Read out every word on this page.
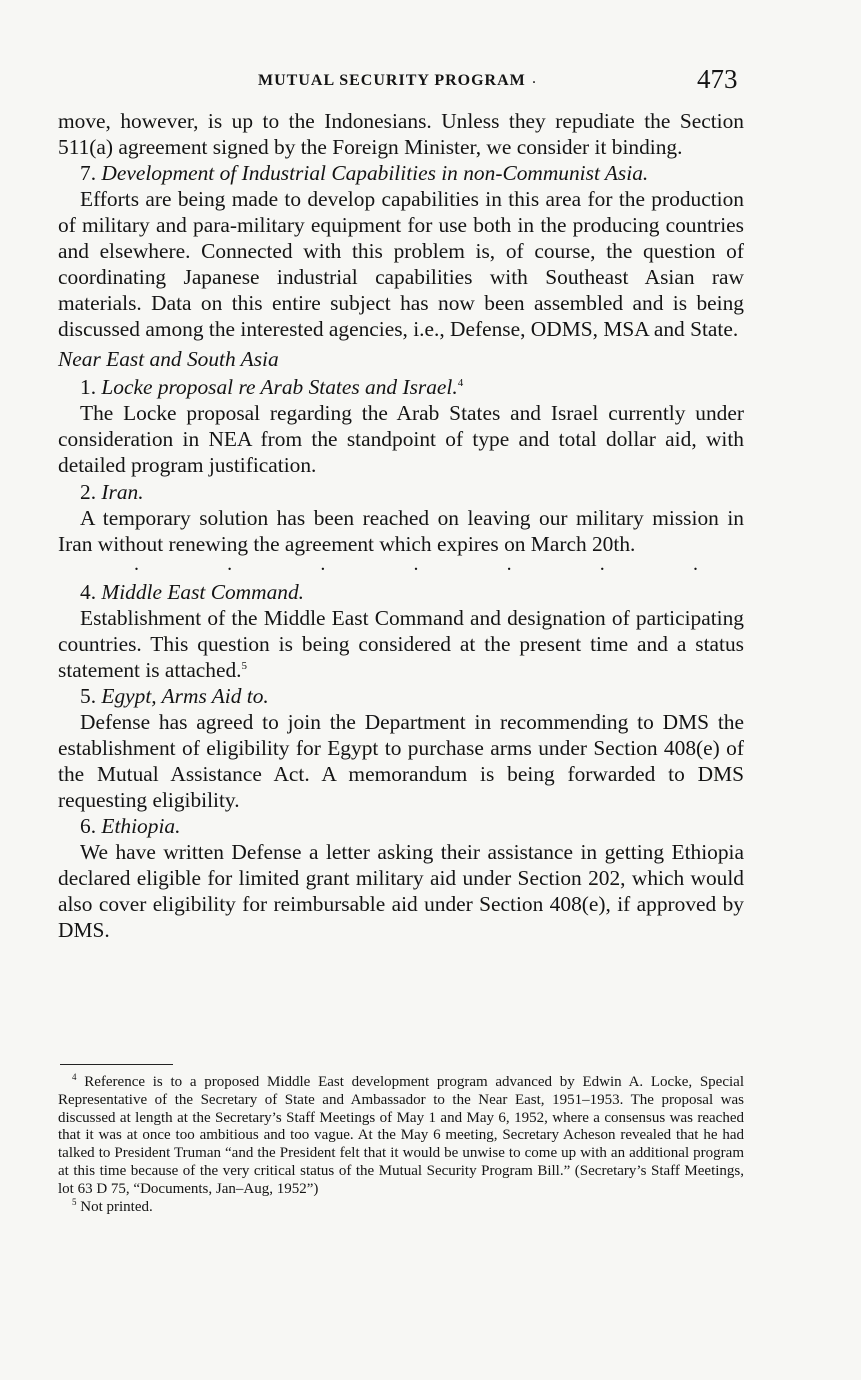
MUTUAL SECURITY PROGRAM .	473

move, however, is up to the Indonesians. Unless they repudiate the Section 511(a) agreement signed by the Foreign Minister, we consider it binding.

7. Development of Industrial Capabilities in non-Communist Asia.

Efforts are being made to develop capabilities in this area for the production of military and para-military equipment for use both in the producing countries and elsewhere. Connected with this problem is, of course, the question of coordinating Japanese industrial capabilities with Southeast Asian raw materials. Data on this entire subject has now been assembled and is being discussed among the interested agencies, i.e., Defense, ODMS, MSA and State.

Near East and South Asia

1. Locke proposal re Arab States and Israel.$^4$

The Locke proposal regarding the Arab States and Israel currently under consideration in NEA from the standpoint of type and total dollar aid, with detailed program justification.

2. Iran.

A temporary solution has been reached on leaving our military mission in Iran without renewing the agreement which expires on March 20th.

.	.	.	.	.	.	.

4. Middle East Command.

Establishment of the Middle East Command and designation of participating countries. This question is being considered at the present time and a status statement is attached.$^5$

5. Egypt, Arms Aid to.

Defense has agreed to join the Department in recommending to DMS the establishment of eligibility for Egypt to purchase arms under Section 408(e) of the Mutual Assistance Act. A memorandum is being forwarded to DMS requesting eligibility.

6. Ethiopia.

We have written Defense a letter asking their assistance in getting Ethiopia declared eligible for limited grant military aid under Section 202, which would also cover eligibility for reimbursable aid under Section 408(e), if approved by DMS.

$^4$ Reference is to a proposed Middle East development program advanced by Edwin A. Locke, Special Representative of the Secretary of State and Ambassador to the Near East, 1951–1953. The proposal was discussed at length at the Secretary’s Staff Meetings of May 1 and May 6, 1952, where a consensus was reached that it was at once too ambitious and too vague. At the May 6 meeting, Secretary Acheson revealed that he had talked to President Truman “and the President felt that it would be unwise to come up with an additional program at this time because of the very critical status of the Mutual Security Program Bill.” (Secretary’s Staff Meetings, lot 63 D 75, “Documents, Jan–Aug, 1952”)

$^5$ Not printed.
